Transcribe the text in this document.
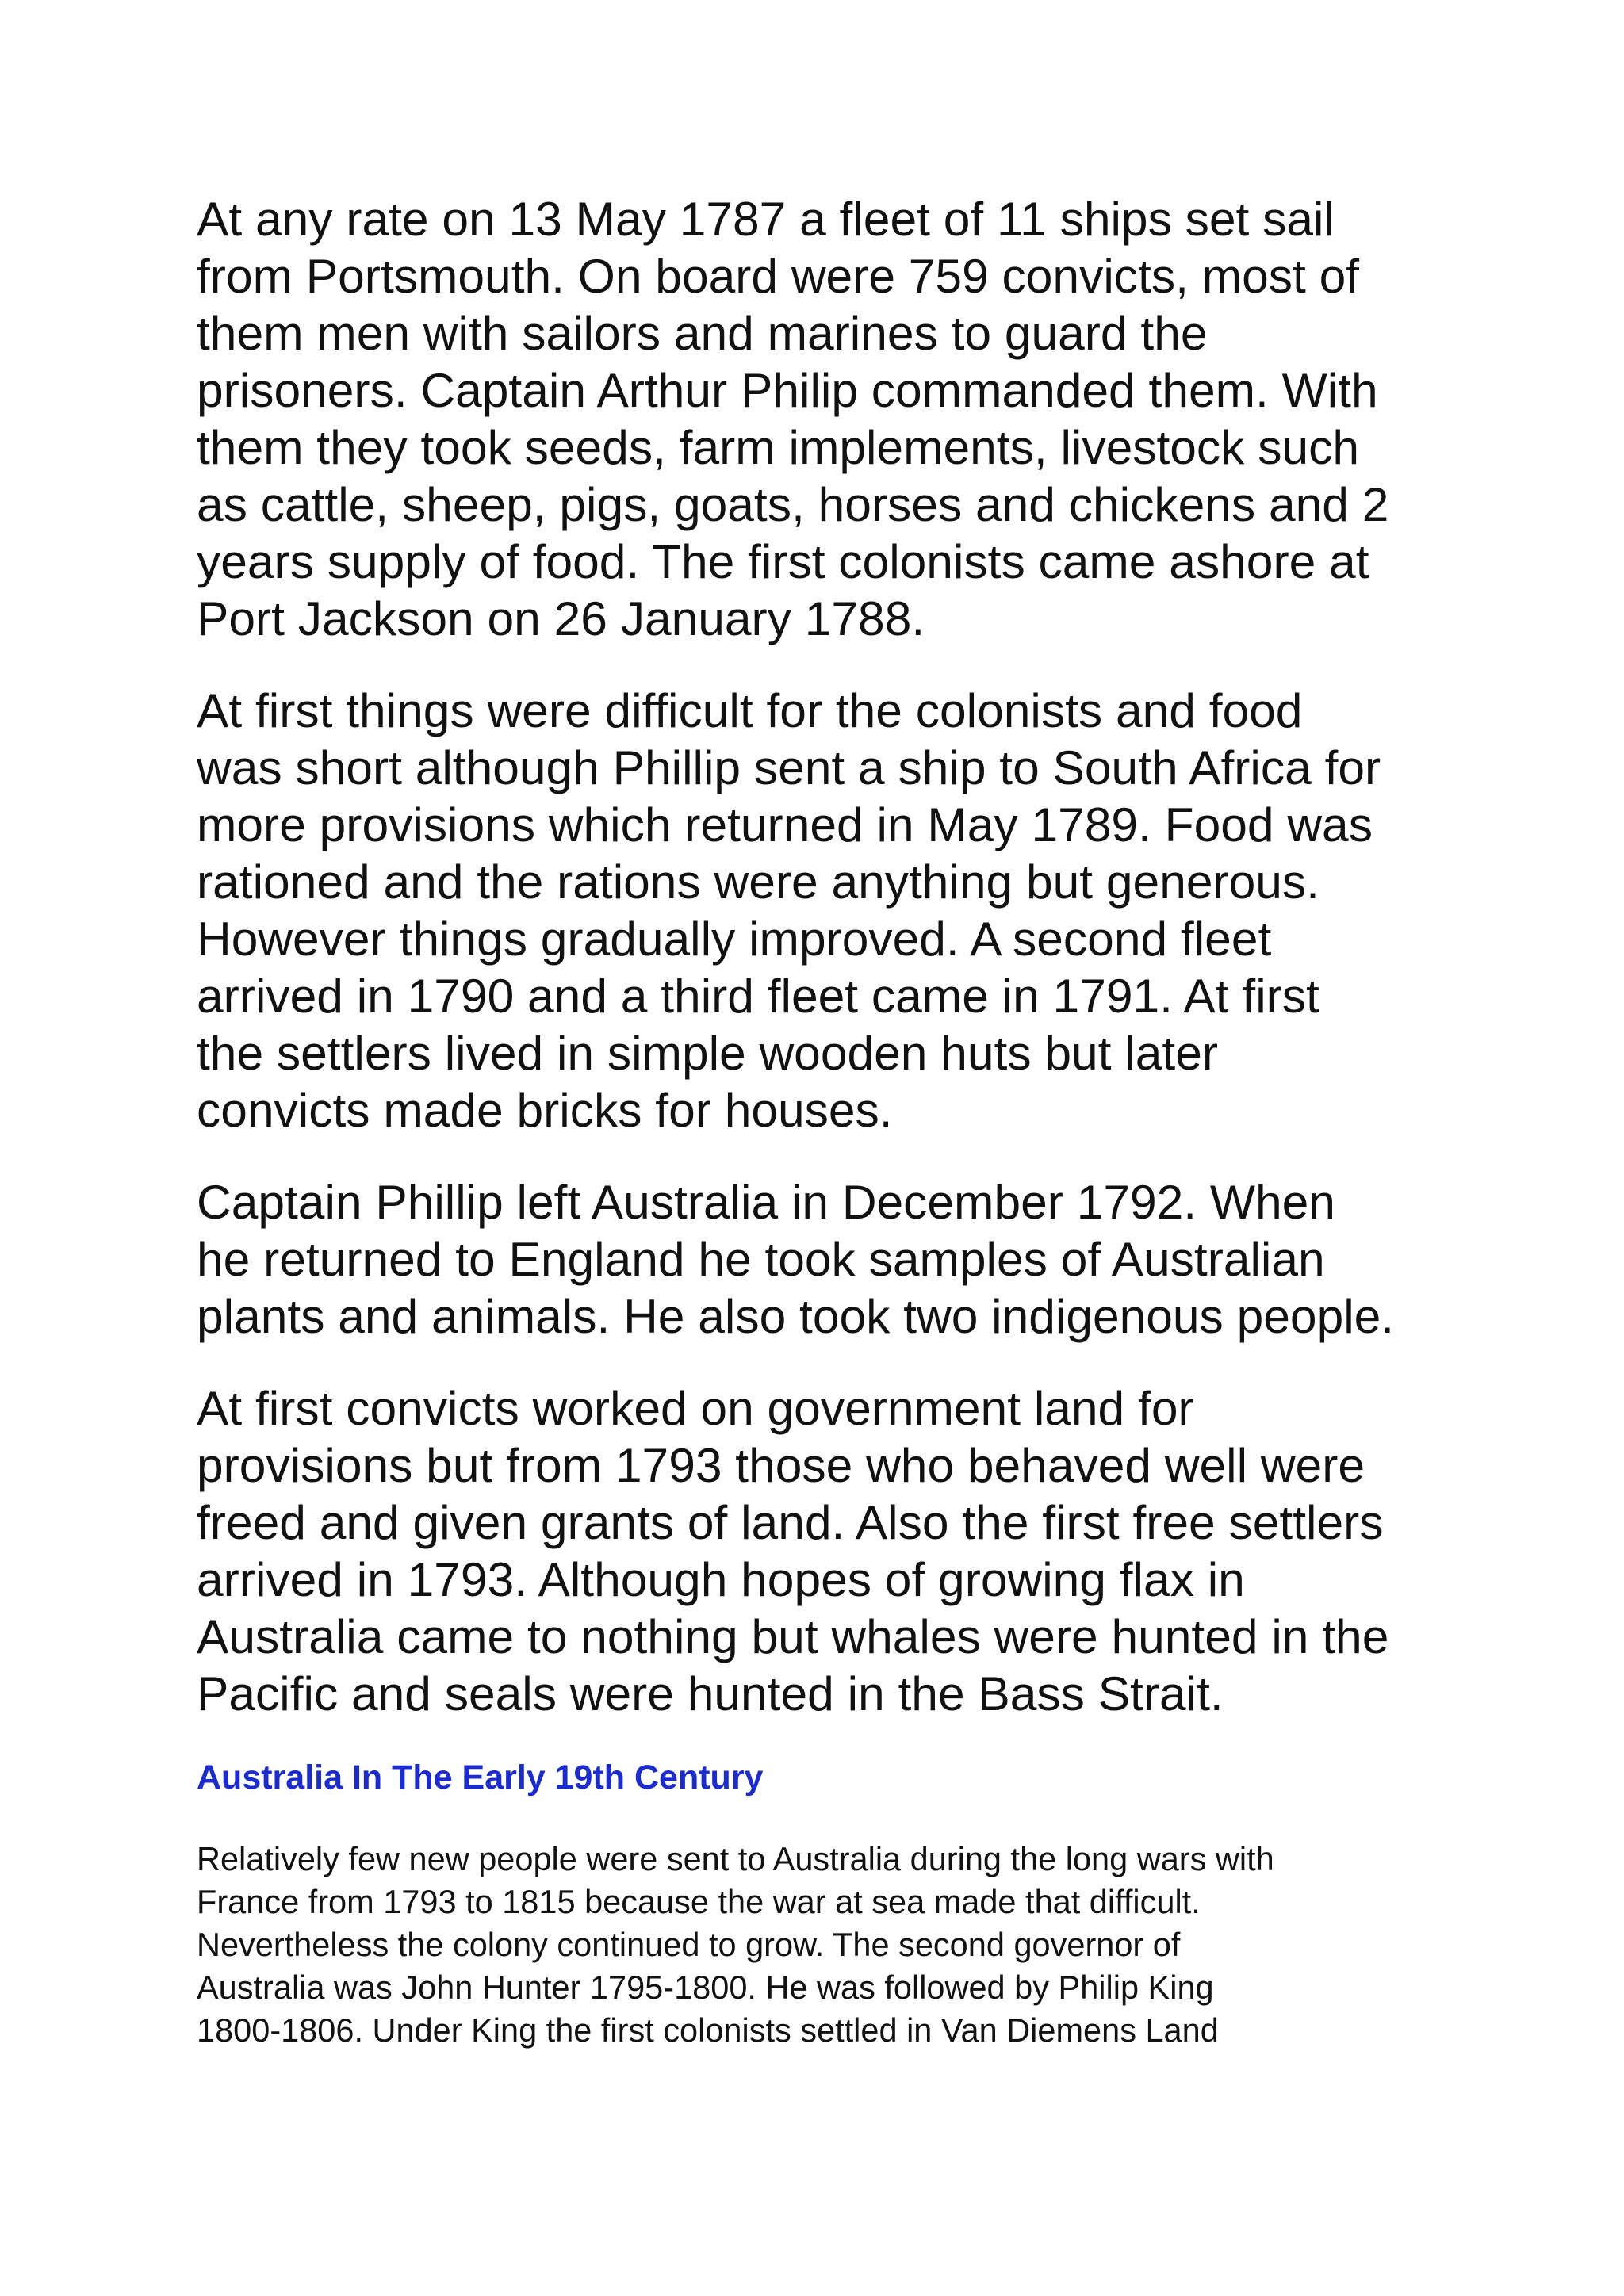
At any rate on 13 May 1787 a fleet of 11 ships set sail
from Portsmouth. On board were 759 convicts, most of
them men with sailors and marines to guard the
prisoners. Captain Arthur Philip commanded them. With
them they took seeds, farm implements, livestock such
as cattle, sheep, pigs, goats, horses and chickens and 2
years supply of food. The first colonists came ashore at
Port Jackson on 26 January 1788.

At first things were difficult for the colonists and food
was short although Phillip sent a ship to South Africa for
more provisions which returned in May 1789. Food was
rationed and the rations were anything but generous.
However things gradually improved. A second fleet
arrived in 1790 and a third fleet came in 1791. At first
the settlers lived in simple wooden huts but later
convicts made bricks for houses.

Captain Phillip left Australia in December 1792. When
he returned to England he took samples of Australian
plants and animals. He also took two indigenous people.

At first convicts worked on government land for
provisions but from 1793 those who behaved well were
freed and given grants of land. Also the first free settlers
arrived in 1793. Although hopes of growing flax in
Australia came to nothing but whales were hunted in the
Pacific and seals were hunted in the Bass Strait.

Australia In The Early 19th Century

Relatively few new people were sent to Australia during the long wars with
France from 1793 to 1815 because the war at sea made that difficult.
Nevertheless the colony continued to grow. The second governor of
Australia was John Hunter 1795-1800. He was followed by Philip King
1800-1806. Under King the first colonists settled in Van Diemens Land
